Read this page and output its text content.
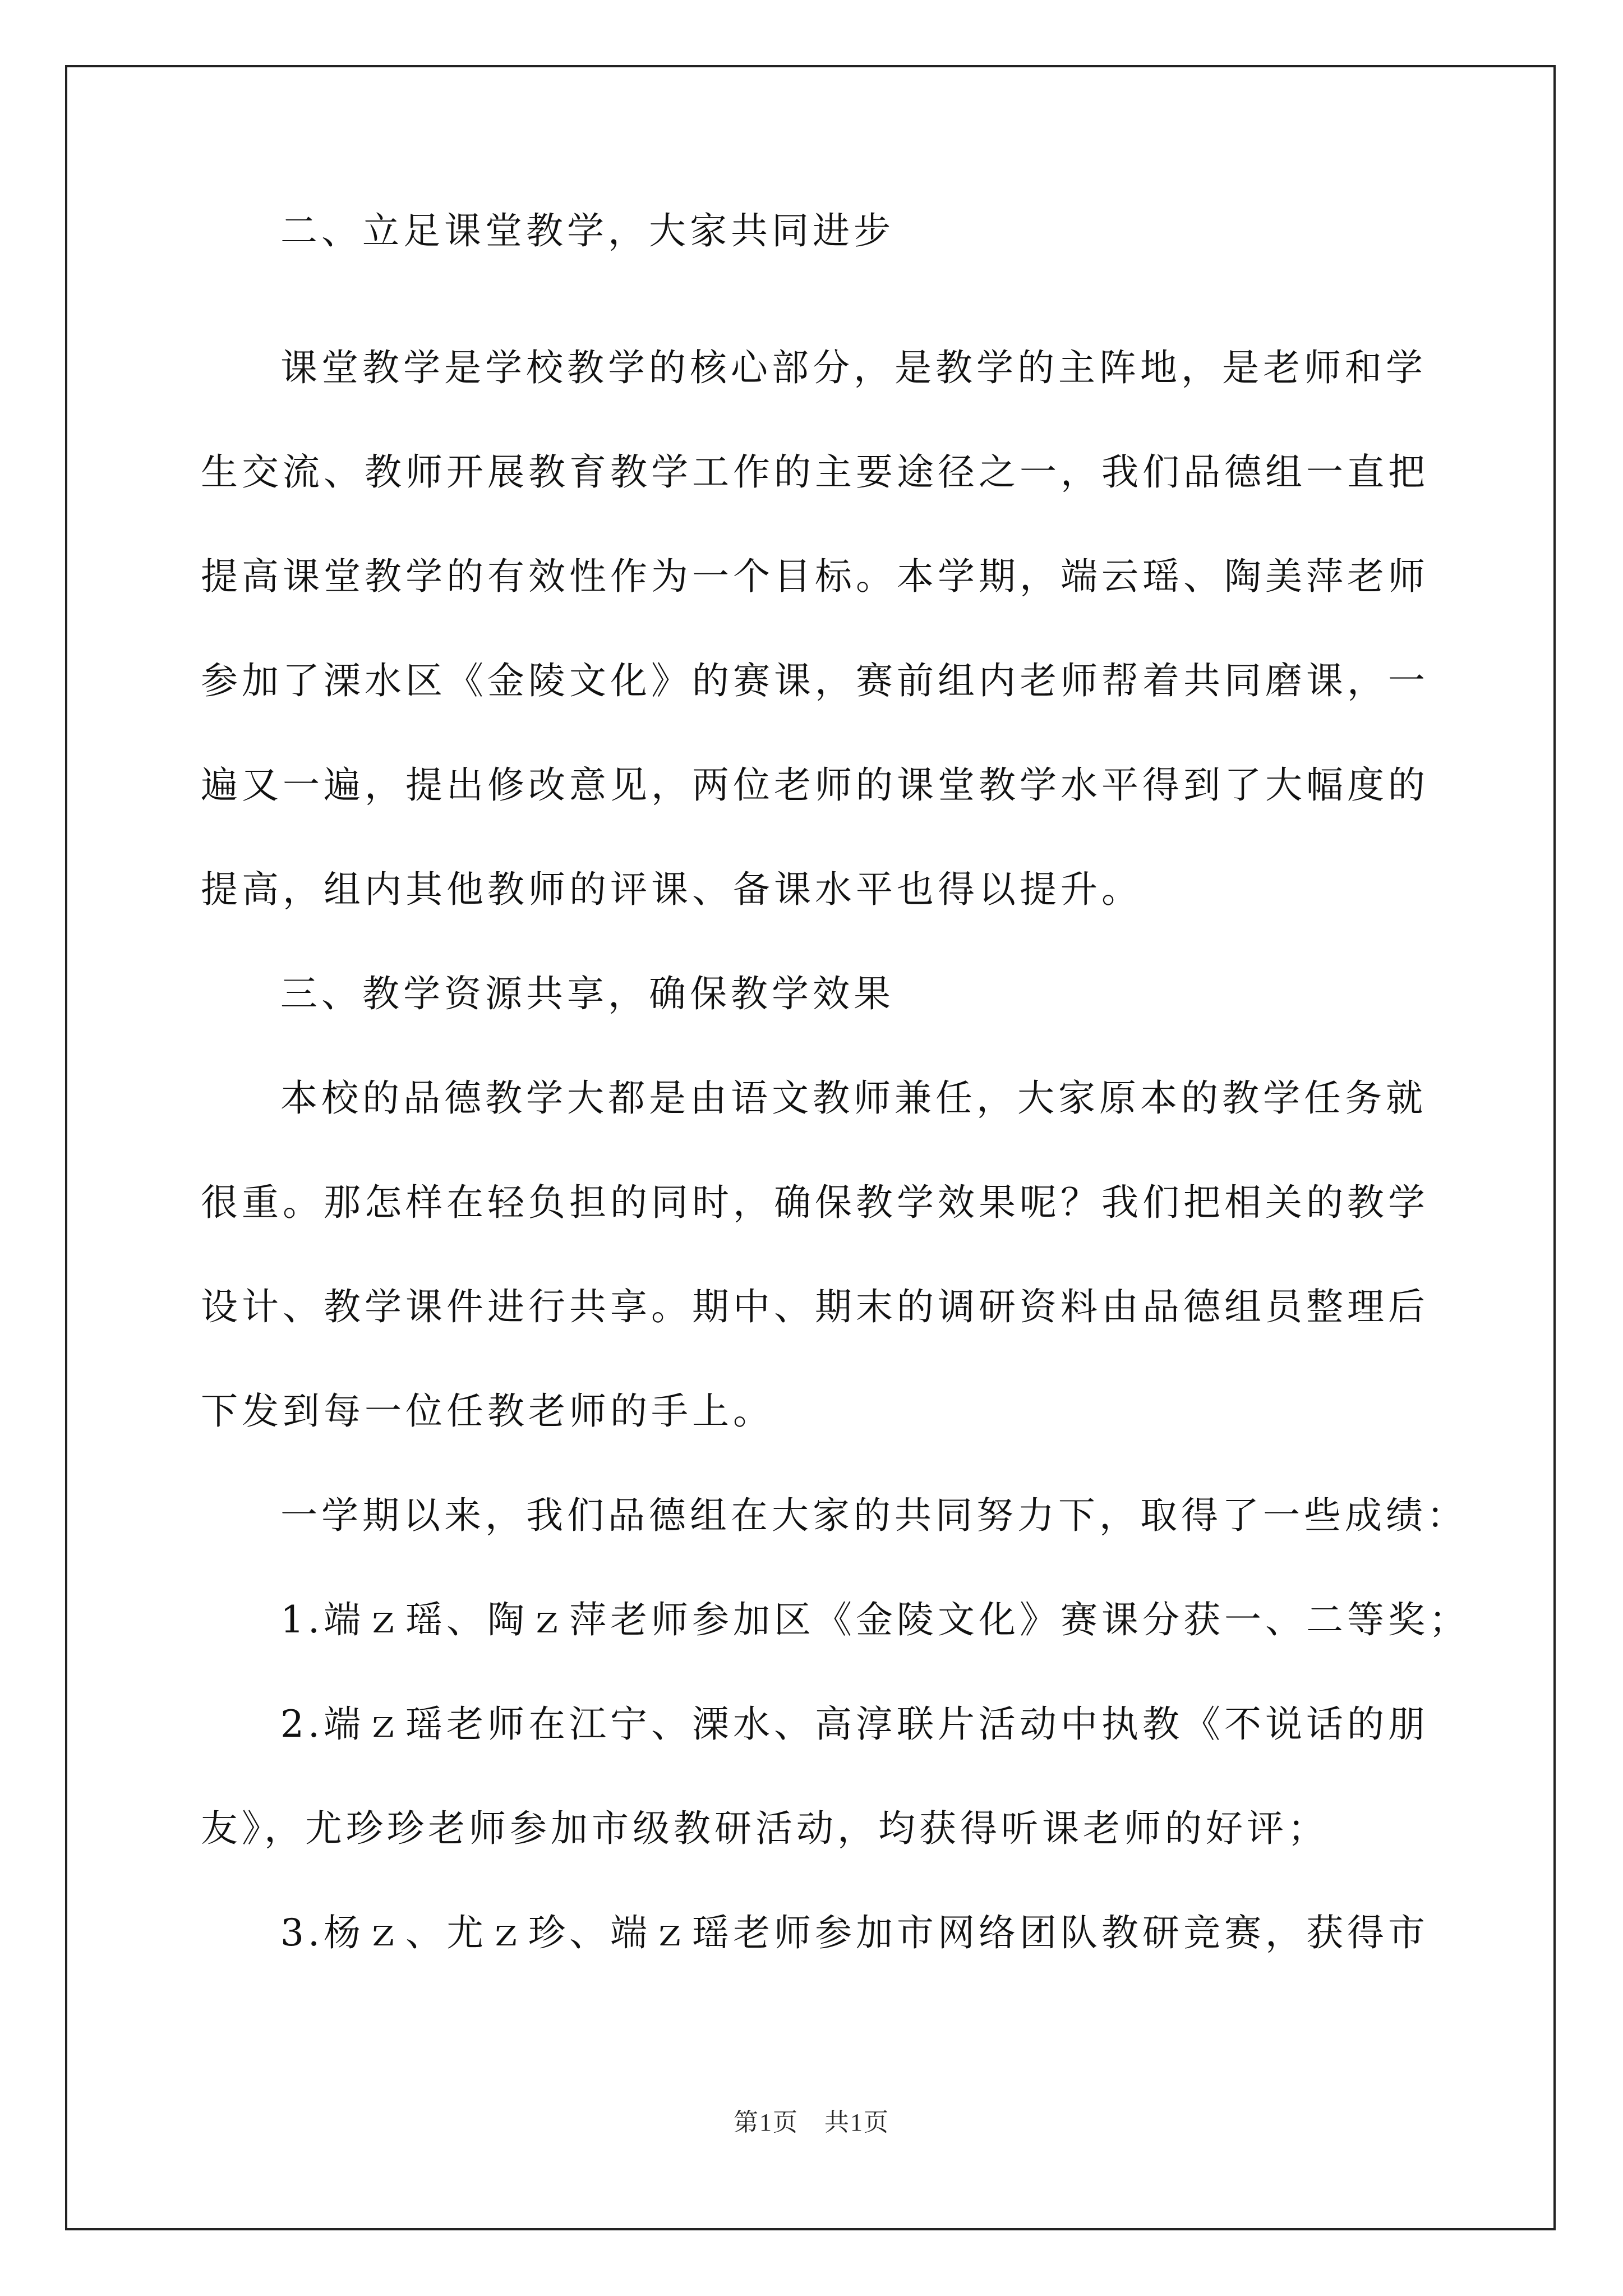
二、立足课堂教学，大家共同进步
课堂教学是学校教学的核心部分，是教学的主阵地，是老师和学
生交流、教师开展教育教学工作的主要途径之一，我们品德组一直把
提高课堂教学的有效性作为一个目标。本学期，端云瑶、陶美萍老师
参加了溧水区《金陵文化》的赛课，赛前组内老师帮着共同磨课，一
遍又一遍，提出修改意见，两位老师的课堂教学水平得到了大幅度的
提高，组内其他教师的评课、备课水平也得以提升。
三、教学资源共享，确保教学效果
本校的品德教学大都是由语文教师兼任，大家原本的教学任务就
很重。那怎样在轻负担的同时，确保教学效果呢？我们把相关的教学
设计、教学课件进行共享。期中、期末的调研资料由品德组员整理后
下发到每一位任教老师的手上。
一学期以来，我们品德组在大家的共同努力下，取得了一些成绩：
1.端ｚ瑶、陶ｚ萍老师参加区《金陵文化》赛课分获一、二等奖；
2.端ｚ瑶老师在江宁、溧水、高淳联片活动中执教《不说话的朋
友》，尤珍珍老师参加市级教研活动，均获得听课老师的好评；
3.杨ｚ、尤ｚ珍、端ｚ瑶老师参加市网络团队教研竞赛，获得市
第1页　共1页
